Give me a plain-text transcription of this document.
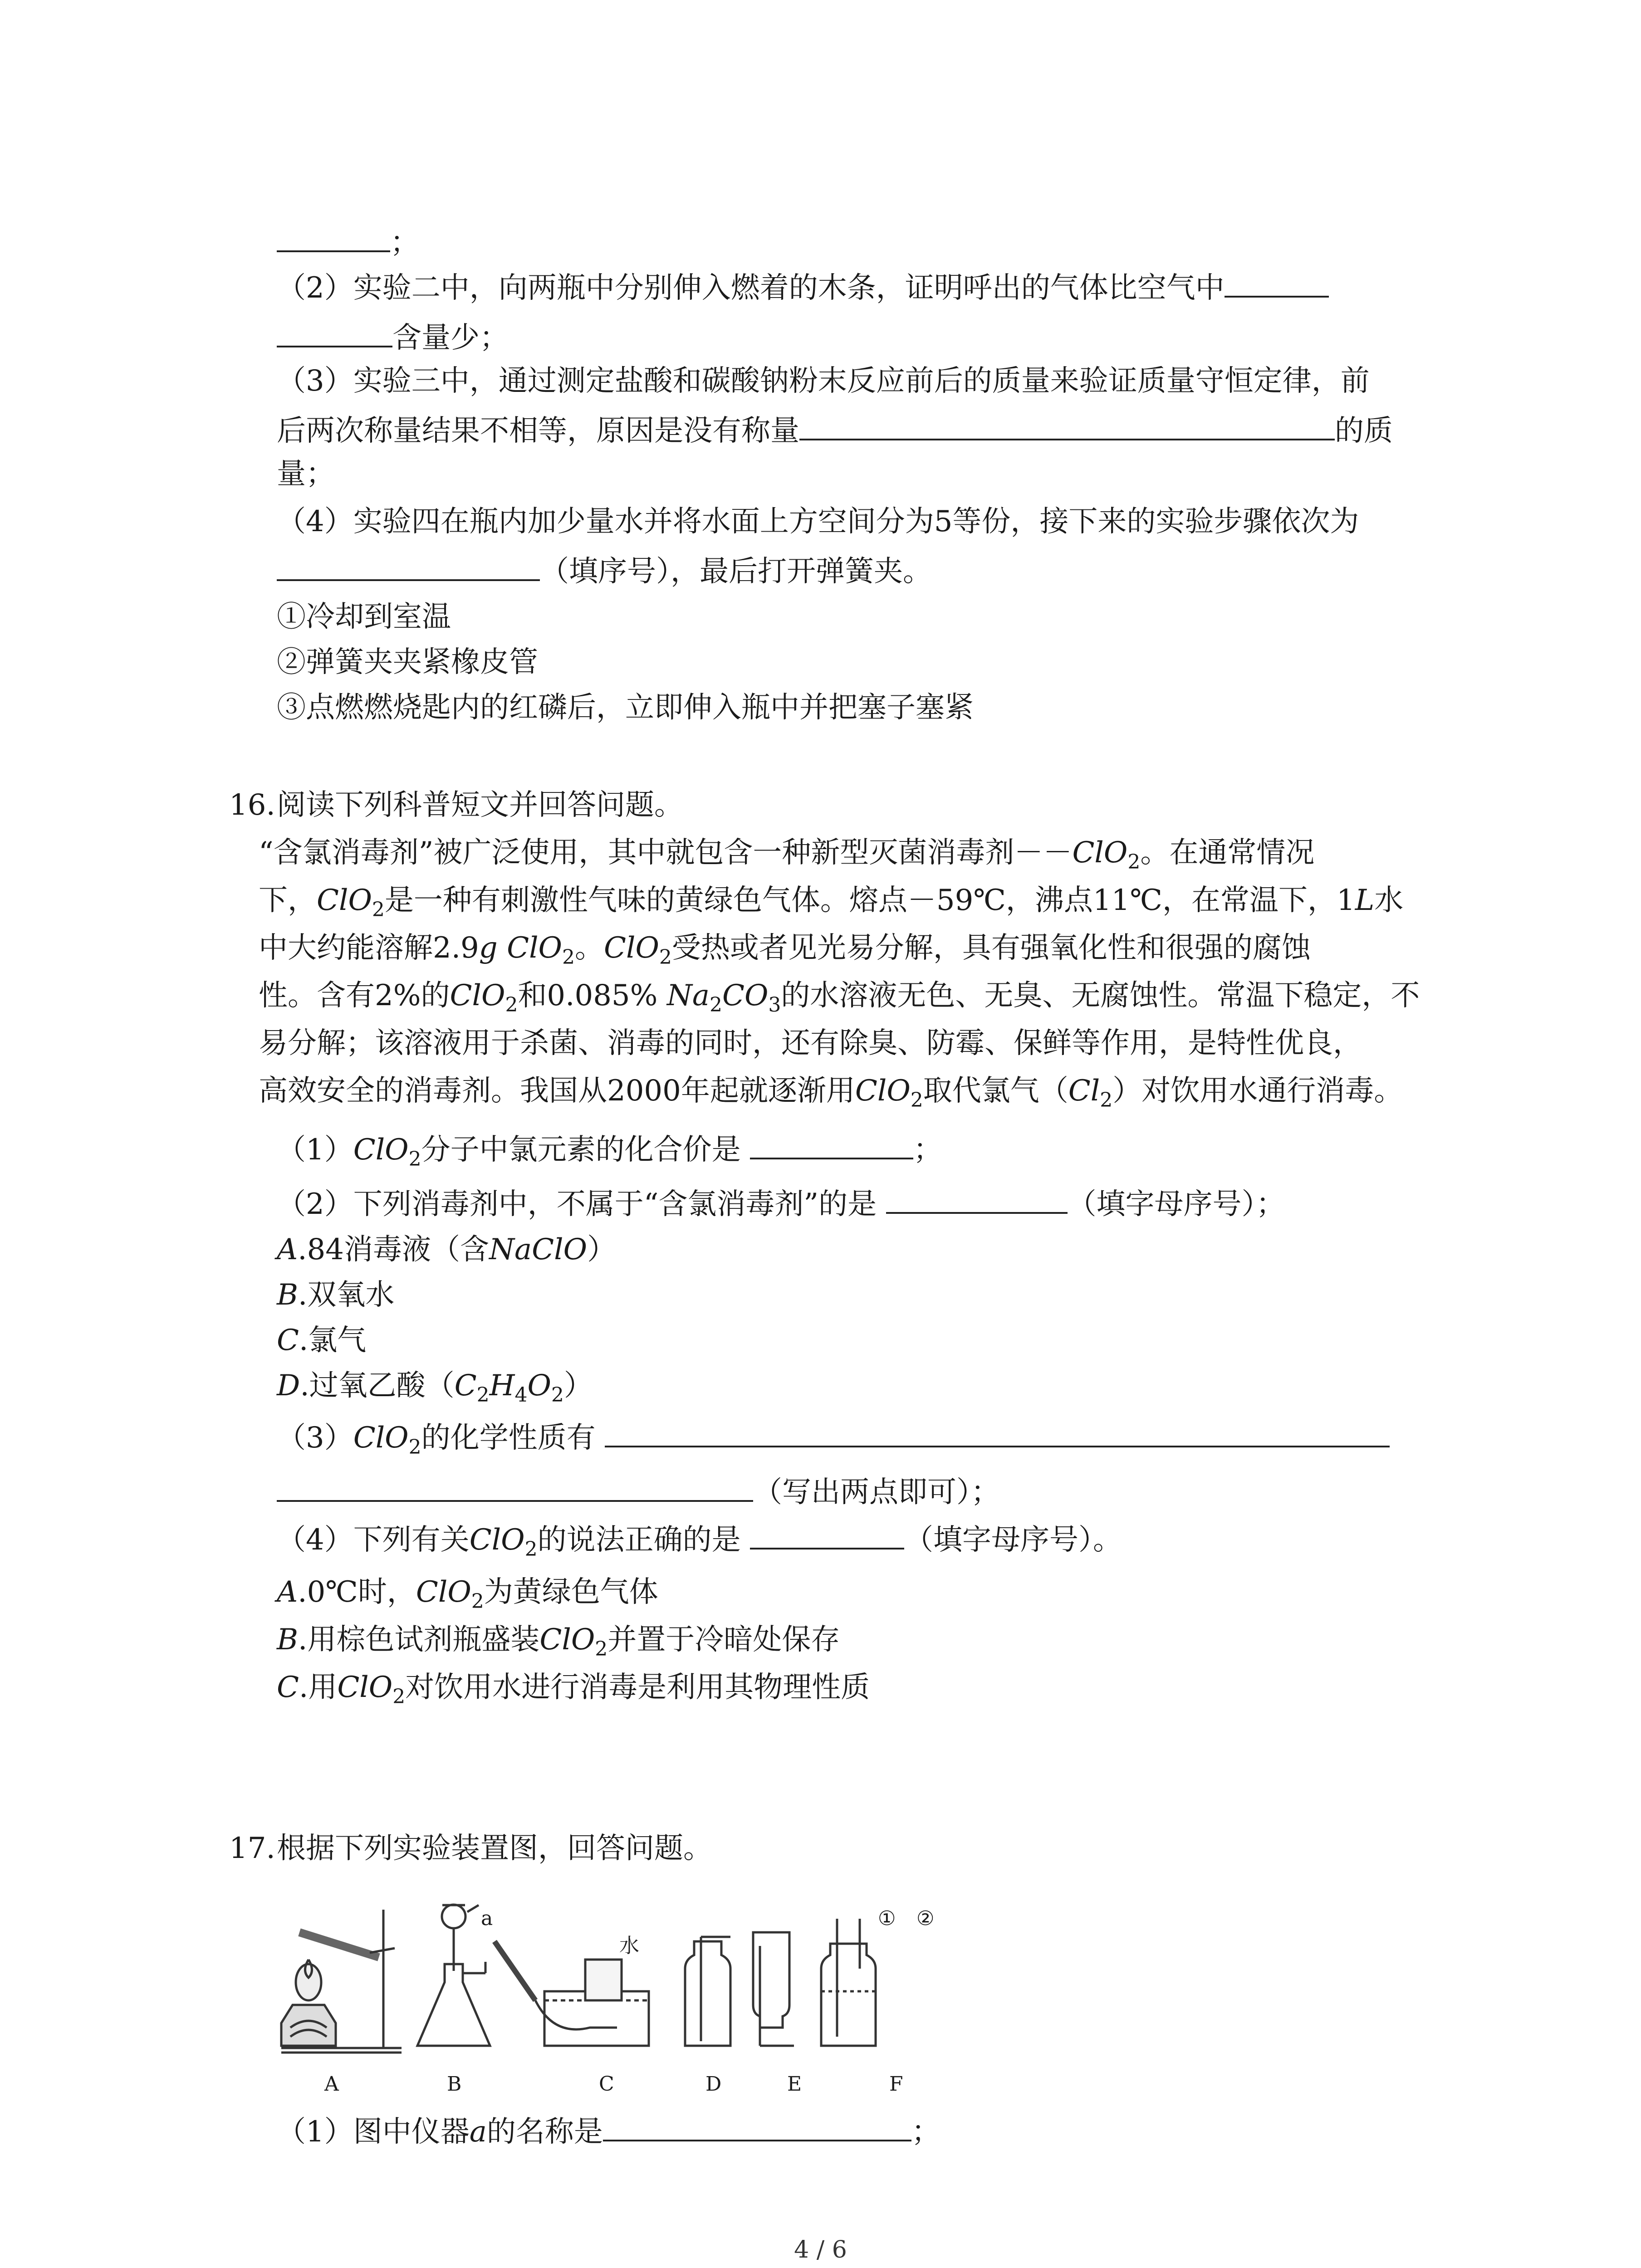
；
（2）实验二中，向两瓶中分别伸入燃着的木条，证明呼出的气体比空气中
含量少；
（3）实验三中，通过测定盐酸和碳酸钠粉末反应前后的质量来验证质量守恒定律，前
后两次称量结果不相等，原因是没有称量	的质
量；
（4）实验四在瓶内加少量水并将水面上方空间分为5等份，接下来的实验步骤依次为
（填序号），最后打开弹簧夹。
①冷却到室温
②弹簧夹夹紧橡皮管
③点燃燃烧匙内的红磷后，立即伸入瓶中并把塞子塞紧
16. 阅读下列科普短文并回答问题。
“含氯消毒剂”被广泛使用，其中就包含一种新型灭菌消毒剂－－ClO$_2$。在通常情况
下，ClO$_2$是一种有刺激性气味的黄绿色气体。熔点－59℃，沸点11℃，在常温下，1L水
中大约能溶解2.9g ClO$_2$。ClO$_2$受热或者见光易分解，具有强氧化性和很强的腐蚀
性。含有2%的ClO$_2$和0.085% $Na_2CO_3$的水溶液无色、无臭、无腐蚀性。常温下稳定，不
易分解；该溶液用于杀菌、消毒的同时，还有除臭、防霉、保鲜等作用，是特性优良，
高效安全的消毒剂。我国从2000年起就逐渐用ClO$_2$取代氯气$(Cl_2)$对饮用水通行消毒。
（1）ClO$_2$分子中氯元素的化合价是	；
（2）下列消毒剂中，不属于“含氯消毒剂”的是	（填字母序号）；
A.84消毒液（含NaClO）
B.双氧水
C.氯气
D.过氧乙酸$(C_2H_4O_2)$
（3）ClO$_2$的化学性质有
（写出两点即可）；
（4）下列有关ClO$_2$的说法正确的是	（填字母序号）。
A.0℃时，ClO$_2$为黄绿色气体
B.用棕色试剂瓶盛装ClO$_2$并置于冷暗处保存
C.用ClO$_2$对饮用水进行消毒是利用其物理性质
17. 根据下列实验装置图，回答问题。
a
水
① ②
A	B	C	D	E	F
（1）图中仪器a的名称是	；
4 / 6
